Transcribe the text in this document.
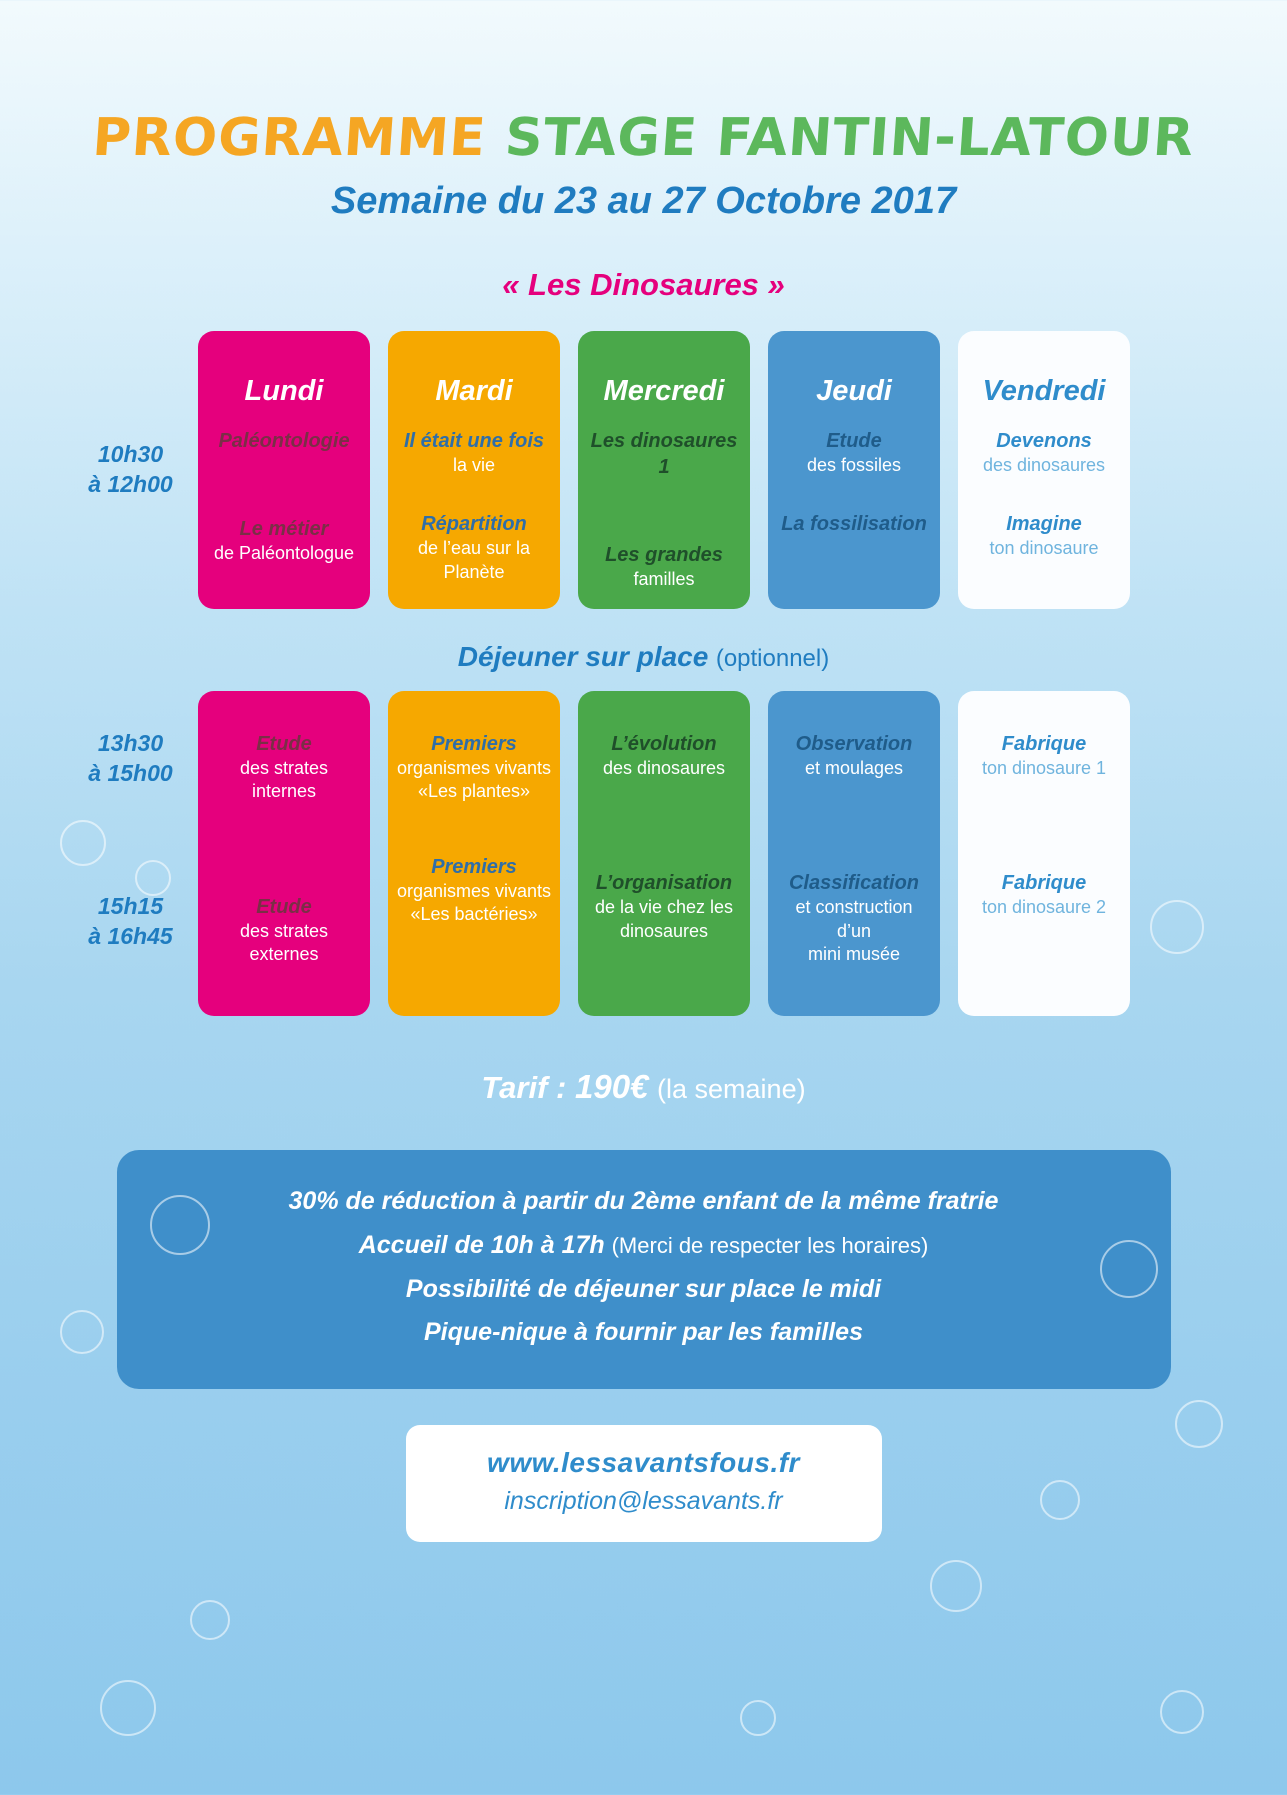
PROGRAMME STAGE FANTIN-LATOUR
Semaine du 23 au 27 Octobre 2017
« Les Dinosaures »
10h30
à 12h00
Lundi
Paléontologie
Le métier
de Paléontologue
Mardi
Il était une fois
la vie
Répartition
de l’eau sur la Planète
Mercredi
Les dinosaures 1
Les grandes
familles
Jeudi
Etude
des fossiles
La fossilisation
Vendredi
Devenons
des dinosaures
Imagine
ton dinosaure
Déjeuner sur place (optionnel)
13h30
à 15h00
15h15
à 16h45
Etude
des strates internes
Etude
des strates externes
Premiers
organismes vivants
«Les plantes»
Premiers
organismes vivants
«Les bactéries»
L’évolution
des dinosaures
L’organisation
de la vie chez les
dinosaures
Observation
et moulages
Classification
et construction d’un
mini musée
Fabrique
ton dinosaure 1
Fabrique
ton dinosaure 2
Tarif : 190€ (la semaine)
30% de réduction à partir du 2ème enfant de la même fratrie
Accueil de 10h à 17h (Merci de respecter les horaires)
Possibilité de déjeuner sur place le midi
Pique-nique à fournir par les familles
www.lessavantsfous.fr
inscription@lessavants.fr
